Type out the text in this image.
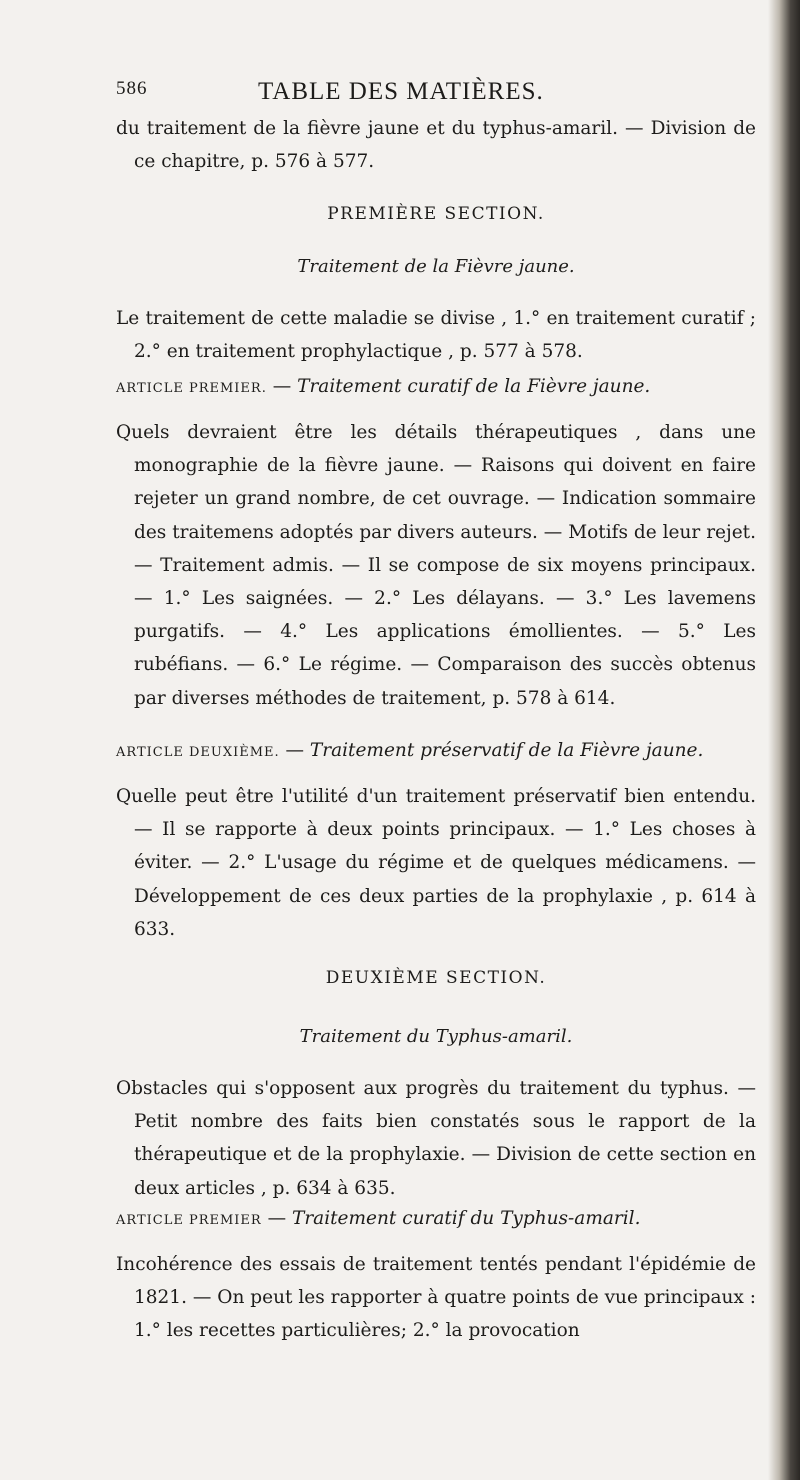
586	TABLE DES MATIÈRES.

du traitement de la fièvre jaune et du typhus-amaril. — Division de ce chapitre, p. 576 à 577.

PREMIÈRE SECTION.

Traitement de la Fièvre jaune.

Le traitement de cette maladie se divise , 1.° en traitement curatif ; 2.° en traitement prophylactique , p. 577 à 578.

ARTICLE PREMIER. — Traitement curatif de la Fièvre jaune.

Quels devraient être les détails thérapeutiques , dans une monographie de la fièvre jaune. — Raisons qui doivent en faire rejeter un grand nombre, de cet ouvrage. — Indication sommaire des traitemens adoptés par divers auteurs. — Motifs de leur rejet. — Traitement admis. — Il se compose de six moyens principaux. — 1.° Les saignées. — 2.° Les délayans. — 3.° Les lavemens purgatifs. — 4.° Les applications émollientes. — 5.° Les rubéfians. — 6.° Le régime. — Comparaison des succès obtenus par diverses méthodes de traitement, p. 578 à 614.

ARTICLE DEUXIÈME. — Traitement préservatif de la Fièvre jaune.

Quelle peut être l'utilité d'un traitement préservatif bien entendu. — Il se rapporte à deux points principaux. — 1.° Les choses à éviter. — 2.° L'usage du régime et de quelques médicamens. — Développement de ces deux parties de la prophylaxie , p. 614 à 633.

DEUXIÈME SECTION.

Traitement du Typhus-amaril.

Obstacles qui s'opposent aux progrès du traitement du typhus. — Petit nombre des faits bien constatés sous le rapport de la thérapeutique et de la prophylaxie. — Division de cette section en deux articles , p. 634 à 635.

ARTICLE PREMIER — Traitement curatif du Typhus-amaril.

Incohérence des essais de traitement tentés pendant l'épidémie de 1821. — On peut les rapporter à quatre points de vue principaux : 1.° les recettes particulières; 2.° la provocation
